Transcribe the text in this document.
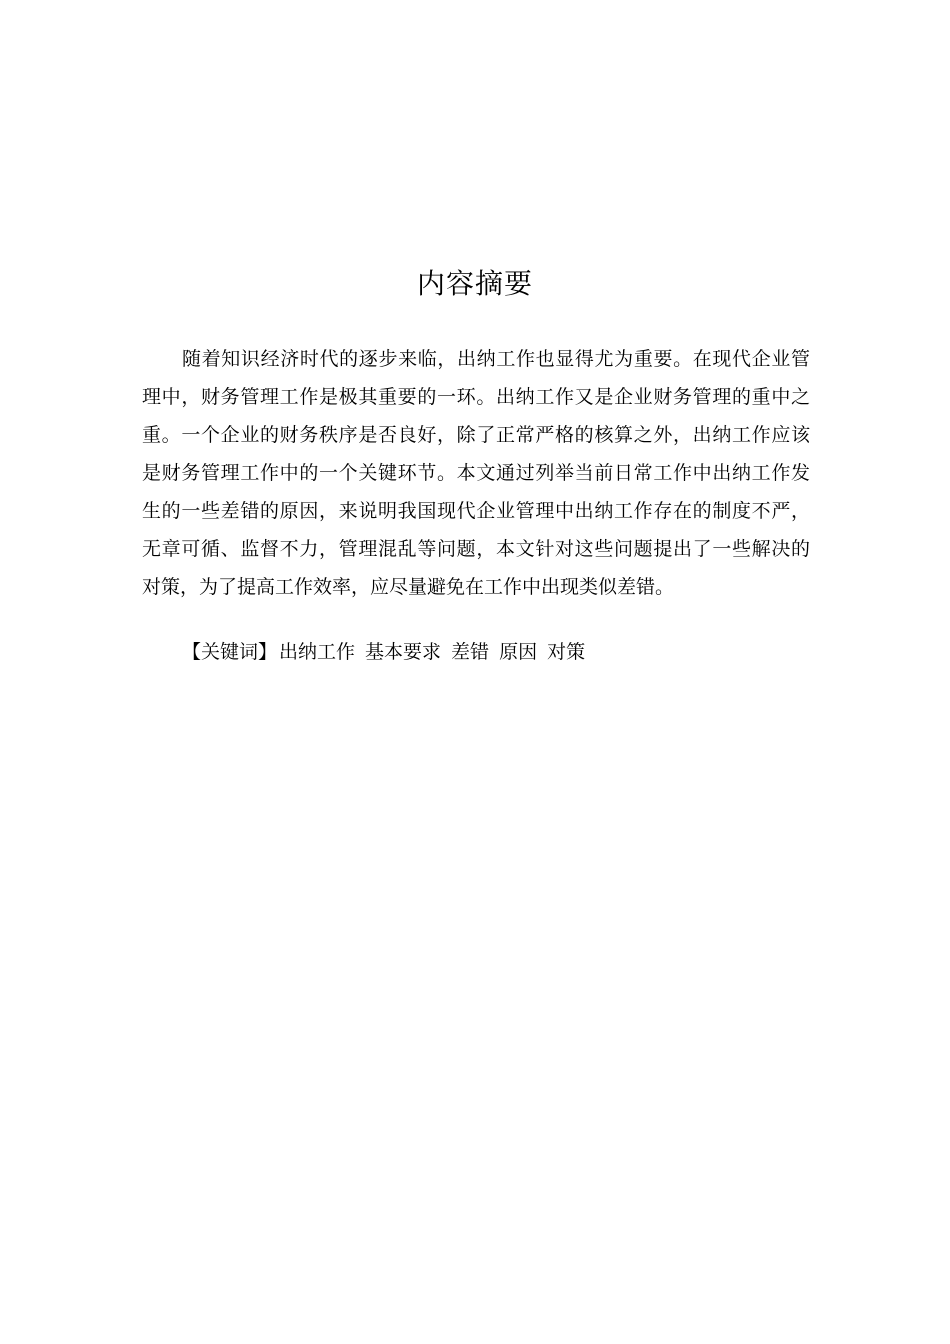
内容摘要
随着知识经济时代的逐步来临，出纳工作也显得尤为重要。在现代企业管
理中，财务管理工作是极其重要的一环。出纳工作又是企业财务管理的重中之
重。一个企业的财务秩序是否良好，除了正常严格的核算之外，出纳工作应该
是财务管理工作中的一个关键环节。本文通过列举当前日常工作中出纳工作发
生的一些差错的原因，来说明我国现代企业管理中出纳工作存在的制度不严，
无章可循、监督不力，管理混乱等问题，本文针对这些问题提出了一些解决的
对策，为了提高工作效率，应尽量避免在工作中出现类似差错。
【关键词】 出纳工作 基本要求 差错 原因 对策
